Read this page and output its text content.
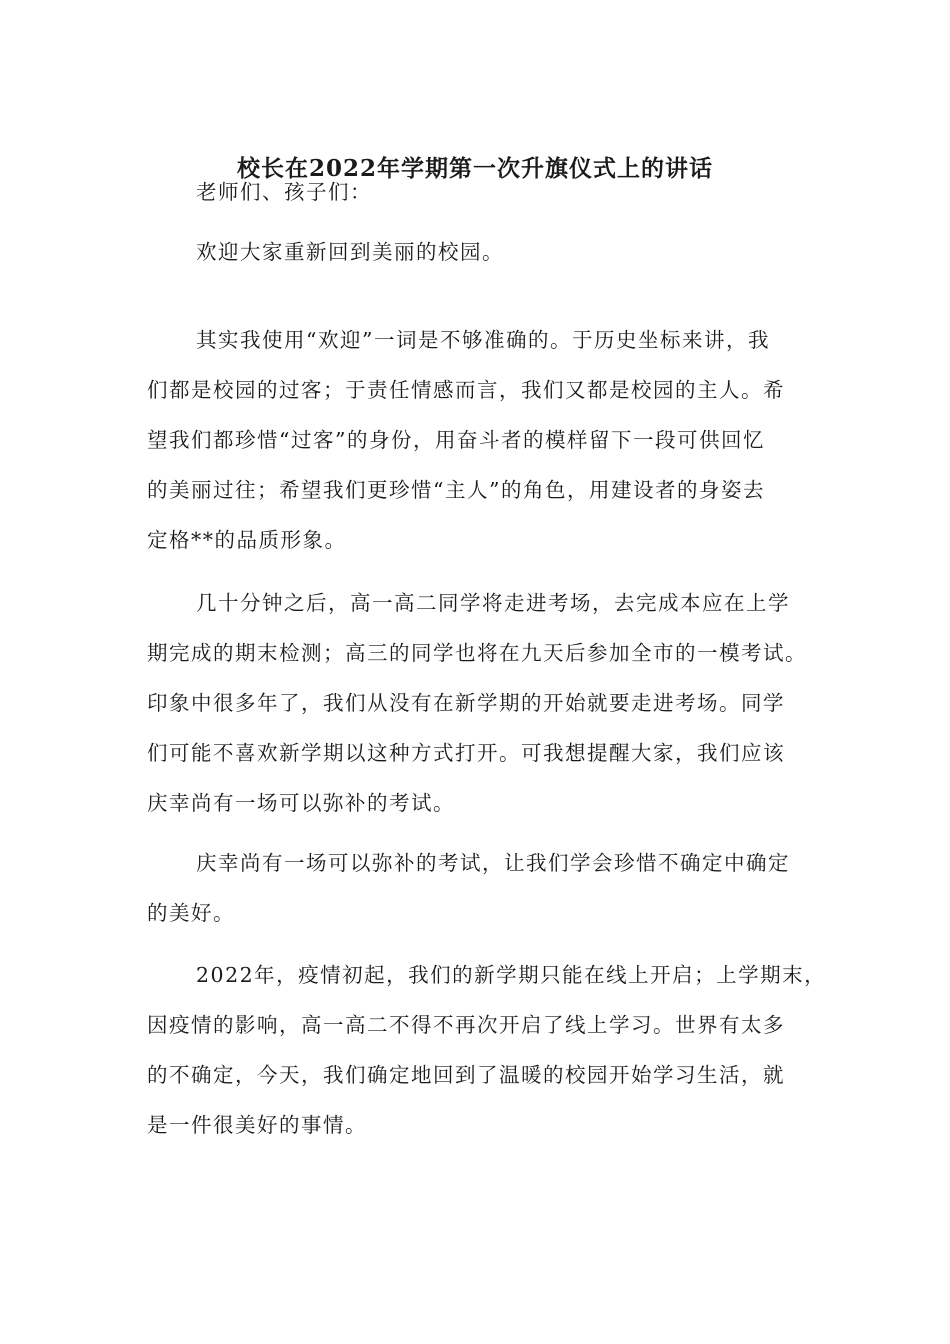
校长在2022年学期第一次升旗仪式上的讲话
老师们、孩子们：
欢迎大家重新回到美丽的校园。
其实我使用“欢迎”一词是不够准确的。于历史坐标来讲，我
们都是校园的过客；于责任情感而言，我们又都是校园的主人。希
望我们都珍惜“过客”的身份，用奋斗者的模样留下一段可供回忆
的美丽过往；希望我们更珍惜“主人”的角色，用建设者的身姿去
定格**的品质形象。
几十分钟之后，高一高二同学将走进考场，去完成本应在上学
期完成的期末检测；高三的同学也将在九天后参加全市的一模考试。
印象中很多年了，我们从没有在新学期的开始就要走进考场。同学
们可能不喜欢新学期以这种方式打开。可我想提醒大家，我们应该
庆幸尚有一场可以弥补的考试。
庆幸尚有一场可以弥补的考试，让我们学会珍惜不确定中确定
的美好。
2022年，疫情初起，我们的新学期只能在线上开启；上学期末，
因疫情的影响，高一高二不得不再次开启了线上学习。世界有太多
的不确定，今天，我们确定地回到了温暖的校园开始学习生活，就
是一件很美好的事情。
